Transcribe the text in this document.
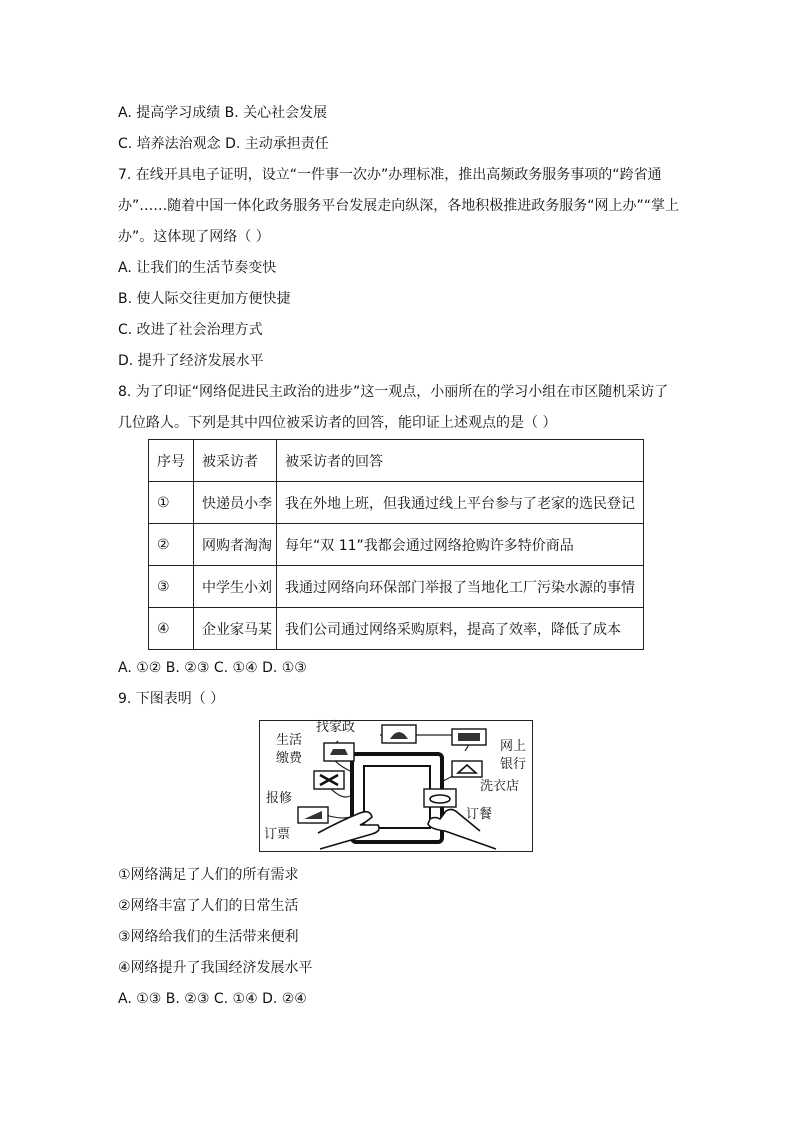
A. 提高学习成绩 B. 关心社会发展
C. 培养法治观念 D. 主动承担责任
7. 在线开具电子证明，设立“一件事一次办”办理标准，推出高频政务服务事项的“跨省通
办”……随着中国一体化政务服务平台发展走向纵深，各地积极推进政务服务“网上办”“掌上
办”。这体现了网络（ ）
A. 让我们的生活节奏变快
B. 使人际交往更加方便快捷
C. 改进了社会治理方式
D. 提升了经济发展水平
8. 为了印证“网络促进民主政治的进步”这一观点，小丽所在的学习小组在市区随机采访了
几位路人。下列是其中四位被采访者的回答，能印证上述观点的是（ ）
序号	被采访者	被采访者的回答
①	快递员小李	我在外地上班，但我通过线上平台参与了老家的选民登记
②	网购者淘淘	每年“双 11”我都会通过网络抢购许多特价商品
③	中学生小刘	我通过网络向环保部门举报了当地化工厂污染水源的事情
④	企业家马某	我们公司通过网络采购原料，提高了效率，降低了成本
A. ①② B. ②③ C. ①④ D. ①③
9. 下图表明（ ）
找家政
生活
缴费
报修
订票
网上
银行
洗衣店
订餐
①网络满足了人们的所有需求
②网络丰富了人们的日常生活
③网络给我们的生活带来便利
④网络提升了我国经济发展水平
A. ①③ B. ②③ C. ①④ D. ②④
